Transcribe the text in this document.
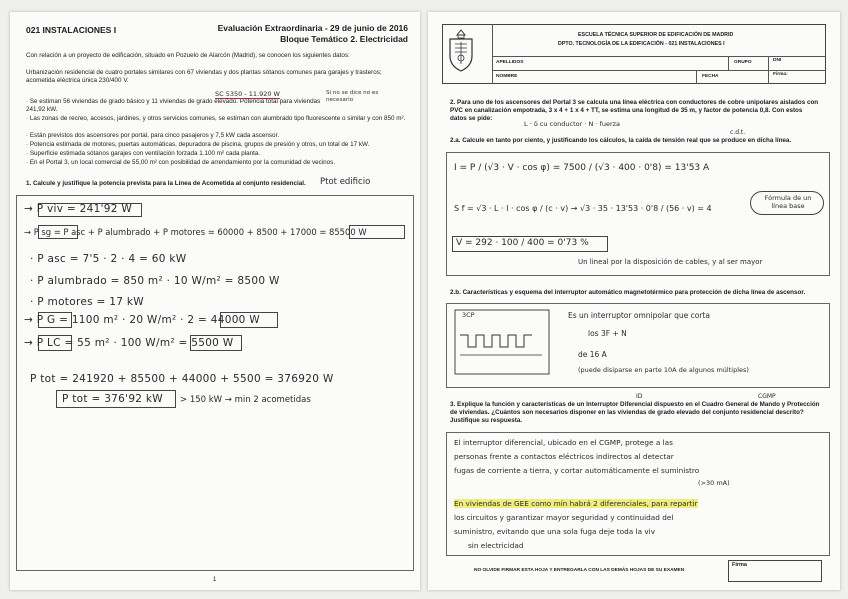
021 INSTALACIONES I	Evaluación Extraordinaria - 29 de junio de 2016
Bloque Temático 2. Electricidad
Con relación a un proyecto de edificación, situado en Pozuelo de Alarcón (Madrid), se conocen los siguientes datos:
Urbanización residencial de cuatro portales similares con 67 viviendas y dos plantas sótanos comunes para garajes y trasteros; acometida eléctrica única 230/400 V.
· Se estiman 56 viviendas de grado básico y 11 viviendas de grado elevado. Potencia total para viviendas 241,92 kW.
· Las zonas de recreo, accesos, jardines, y otros servicios comunes, se estiman con alumbrado tipo fluorescente o similar y con 850 m².
· Están previstos dos ascensores por portal, para cinco pasajeros y 7,5 kW cada ascensor.
· Potencia estimada de motores, puertas automáticas, depuradora de piscina, grupos de presión y otros, un total de 17 kW.
· Superficie estimada sótanos garajes con ventilación forzada 1.100 m² cada planta.
· En el Portal 3, un local comercial de 55,00 m² con posibilidad de arrendamiento por la comunidad de vecinos.
SC 5350 - 11.920 W	Si no se dice no es necesario
1. Calcule y justifique la potencia prevista para la Línea de Acometida al conjunto residencial.	Ptot edificio
→ P viv = 241'92 W
→ P sg = P asc + P alumbrado + P motores = 60000 + 8500 + 17000 = 85500 W
· P asc = 7'5 · 2 · 4 = 60 kW
· P alumbrado = 850 m² · 10 W/m² = 8500 W
· P motores = 17 kW
→ P G = 1100 m² · 20 W/m² · 2 = 44000 W
→ P LC = 55 m² · 100 W/m² = 5500 W
P tot = 241920 + 85500 + 44000 + 5500 = 376920 W
P tot = 376'92 kW > 150 kW → min 2 acometidas
1
ESCUELA TÉCNICA SUPERIOR DE EDIFICACIÓN DE MADRID
DPTO. TECNOLOGÍA DE LA EDIFICACIÓN - 021 INSTALACIONES I
APELLIDOS	GRUPO	DNI
NOMBRE	FECHA	Firma:
2. Para uno de los ascensores del Portal 3 se calcula una línea eléctrica con conductores de cobre unipolares aislados con PVC en canalización empotrada, 3 x 4 + 1 x 4 + TT, se estima una longitud de 35 m, y factor de potencia 0,8. Con estos datos se pide:
L · δ cu conductor · N · fuerza
2.a. Calcule en tanto por ciento, y justificando los cálculos, la caída de tensión real que se produce en dicha línea.
c.d.t.
I = P / (√3 · V · cos φ) = 7500 / (√3 · 400 · 0'8) = 13'53 A
S f = √3 · L · I · cos φ / (c · v) → √3 · 35 · 13'53 · 0'8 / (56 · v) = 4
Fórmula de un línea base
V = 292 · 100 / 400 = 0'73 %
Un lineal por la disposición de cables, y al ser mayor
2.b. Características y esquema del interruptor automático magnetotérmico para protección de dicha línea de ascensor.
3CP	Es un interruptor omnipolar que corta
los 3F + N
de 16 A
(puede disiparse en parte 10A de algunos múltiples)
3. Explique la función y características de un Interruptor Diferencial dispuesto en el Cuadro General de Mando y Protección de viviendas. ¿Cuántos son necesarios disponer en las viviendas de grado elevado del conjunto residencial descrito? Justifique su respuesta.
ID	CGMP
El interruptor diferencial, ubicado en el CGMP, protege a las
personas frente a contactos eléctricos indirectos al detectar
fugas de corriente a tierra, y cortar automáticamente el suministro
(>30 mA)
En viviendas de GEE como mín habrá 2 diferenciales, para repartir
los circuitos y garantizar mayor seguridad y continuidad del
suministro, evitando que una sola fuga deje toda la viv
sin electricidad
NO OLVIDE FIRMAR ESTA HOJA Y ENTREGARLA CON LAS DEMÁS HOJAS DE SU EXAMEN
Firma
